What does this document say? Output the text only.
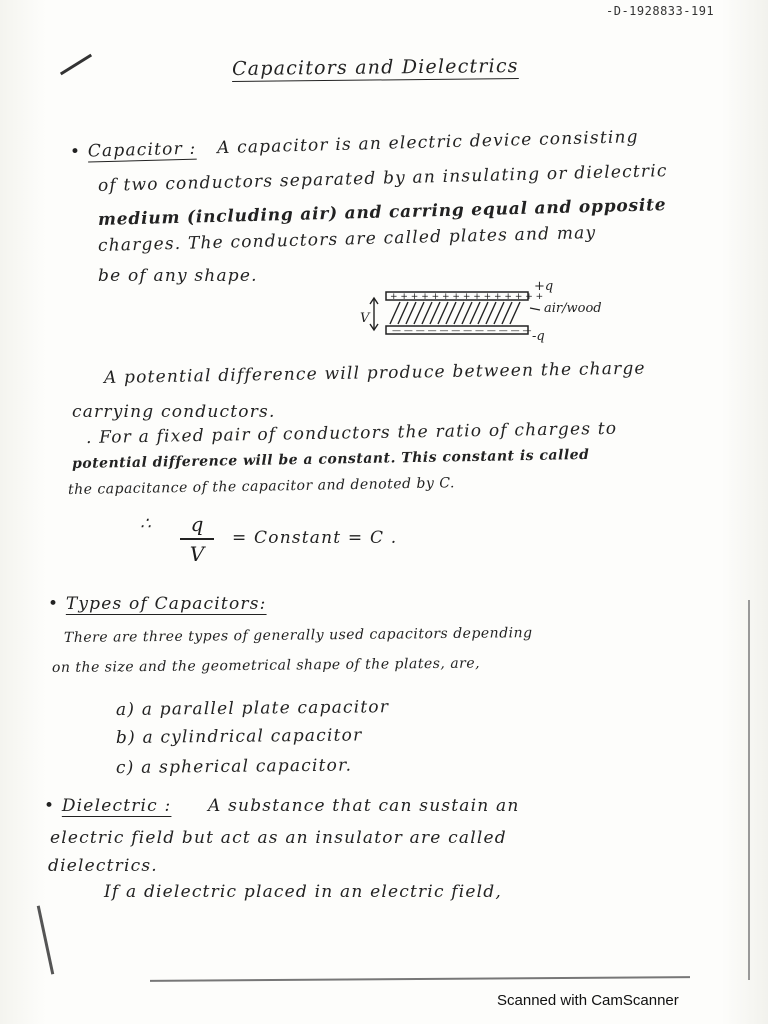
-D-1928833-191
Capacitors and Dielectrics
• Capacitor : A capacitor is an electric device consisting
of two conductors separated by an insulating or dielectric
medium (including air) and carring equal and opposite
charges. The conductors are called plates and may
be of any shape.
+ + + + + + + + + + + + + + +
— — — — — — — — — — — —
V
+q
air/wood
-q
A potential difference will produce between the charge
carrying conductors.
. For a fixed pair of conductors the ratio of charges to
potential difference will be a constant. This constant is called
the capacitance of the capacitor and denoted by C.
∴ $\frac{q}{V}$ = Constant = C .
• Types of Capacitors:
There are three types of generally used capacitors depending
on the size and the geometrical shape of the plates, are,
a) a parallel plate capacitor
b) a cylindrical capacitor
c) a spherical capacitor.
• Dielectric : A substance that can sustain an
electric field but act as an insulator are called
dielectrics.
If a dielectric placed in an electric field,
Scanned with CamScanner
